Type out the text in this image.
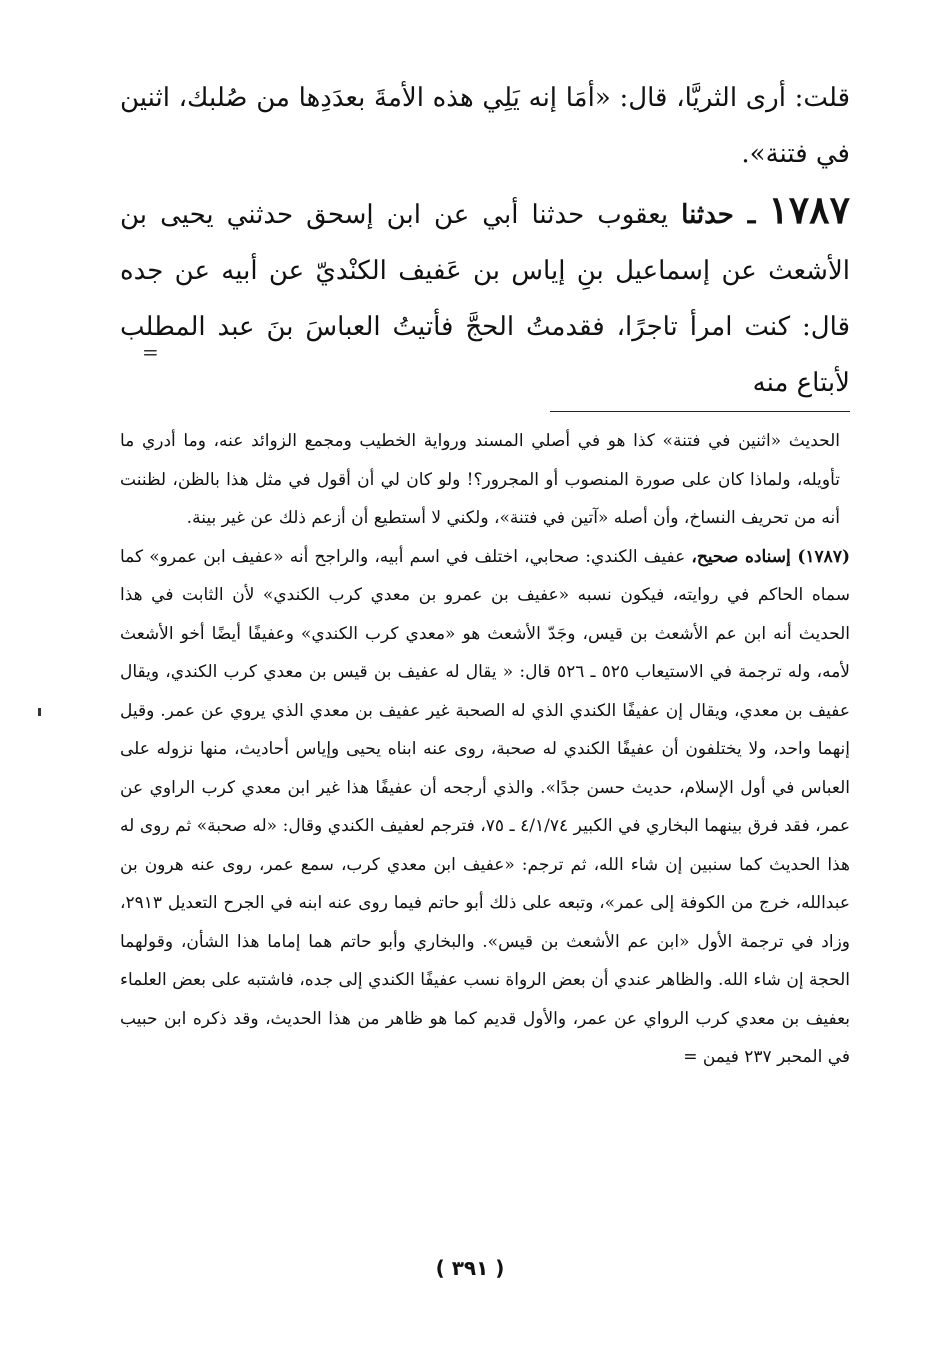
قلت: أرى الثريَّا، قال: «أمَا إنه يَلِي هذه الأمةَ بعدَدِها من صُلبك، اثنين في فتنة».

١٧٨٧ ـ حدثنا يعقوب حدثنا أبي عن ابن إسحق حدثني يحيى بن الأشعث عن إسماعيل بنِ إياس بن عَفيف الكنْديّ عن أبيه عن جده قال: كنت امرأ تاجرًا، فقدمتُ الحجَّ فأتيتُ العباسَ بنَ عبد المطلب لأبتاع منه

الحديث «اثنين في فتنة» كذا هو في أصلي المسند ورواية الخطيب ومجمع الزوائد عنه، وما أدري ما تأويله، ولماذا كان على صورة المنصوب أو المجرور؟! ولو كان لي أن أقول في مثل هذا بالظن، لظننت أنه من تحريف النساخ، وأن أصله «آتين في فتنة»، ولكني لا أستطيع أن أزعم ذلك عن غير بينة.

(١٧٨٧) إسناده صحيح، عفيف الكندي: صحابي، اختلف في اسم أبيه، والراجح أنه «عفيف ابن عمرو» كما سماه الحاكم في روايته، فيكون نسبه «عفيف بن عمرو بن معدي كرب الكندي» لأن الثابت في هذا الحديث أنه ابن عم الأشعث بن قيس، وجَدّ الأشعث هو «معدي كرب الكندي» وعفيفًا أيضًا أخو الأشعث لأمه، وله ترجمة في الاستيعاب ٥٢٥ ـ ٥٢٦ قال: « يقال له عفيف بن قيس بن معدي كرب الكندي، ويقال عفيف بن معدي، ويقال إن عفيفًا الكندي الذي له الصحبة غير عفيف بن معدي الذي يروي عن عمر. وقيل إنهما واحد، ولا يختلفون أن عفيفًا الكندي له صحبة، روى عنه ابناه يحيى وإياس أحاديث، منها نزوله على العباس في أول الإسلام، حديث حسن جدًا». والذي أرجحه أن عفيفًا هذا غير ابن معدي كرب الراوي عن عمر، فقد فرق بينهما البخاري في الكبير ٤/١/٧٤ ـ ٧٥، فترجم لعفيف الكندي وقال: «له صحبة» ثم روى له هذا الحديث كما سنبين إن شاء الله، ثم ترجم: «عفيف ابن معدي كرب، سمع عمر، روى عنه هرون بن عبدالله، خرج من الكوفة إلى عمر»، وتبعه على ذلك أبو حاتم فيما روى عنه ابنه في الجرح التعديل ٢٩١٣، وزاد في ترجمة الأول «ابن عم الأشعث بن قيس». والبخاري وأبو حاتم هما إماما هذا الشأن، وقولهما الحجة إن شاء الله. والظاهر عندي أن بعض الرواة نسب عفيفًا الكندي إلى جده، فاشتبه على بعض العلماء بعفيف بن معدي كرب الرواي عن عمر، والأول قديم كما هو ظاهر من هذا الحديث، وقد ذكره ابن حبيب في المحبر ٢٣٧ فيمن =

=
( ٣٩١ )
